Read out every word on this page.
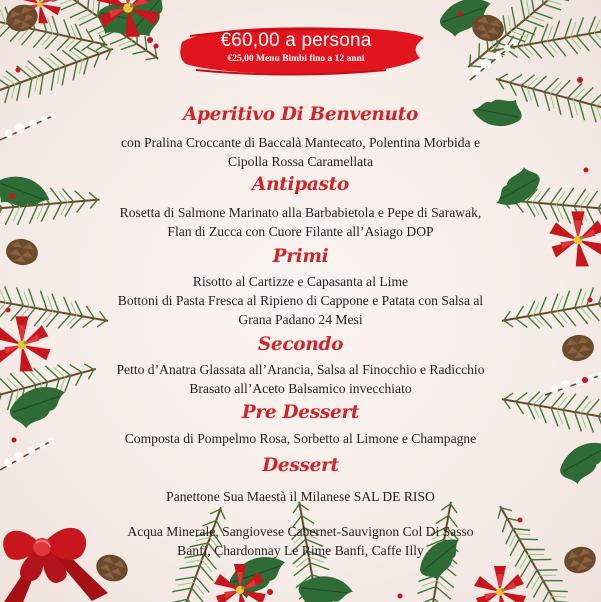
€60,00 a persona
€25,00 Menu Bimbi fino a 12 anni
Aperitivo Di Benvenuto
con Pralina Croccante di Baccalà Mantecato, Polentina Morbida e
Cipolla Rossa Caramellata
Antipasto
Rosetta di Salmone Marinato alla Barbabietola e Pepe di Sarawak,
Flan di Zucca con Cuore Filante all’Asiago DOP
Primi
Risotto al Cartizze e Capasanta al Lime
Bottoni di Pasta Fresca al Ripieno di Cappone e Patata con Salsa al
Grana Padano 24 Mesi
Secondo
Petto d’Anatra Glassata all’Arancia, Salsa al Finocchio e Radicchio
Brasato all’Aceto Balsamico invecchiato
Pre Dessert
Composta di Pompelmo Rosa, Sorbetto al Limone e Champagne
Dessert
Panettone Sua Maestà il Milanese SAL DE RISO
Acqua Minerale, Sangiovese Cabernet-Sauvignon Col Di Sasso
Banfi, Chardonnay Le Rime Banfi, Caffe Illy
